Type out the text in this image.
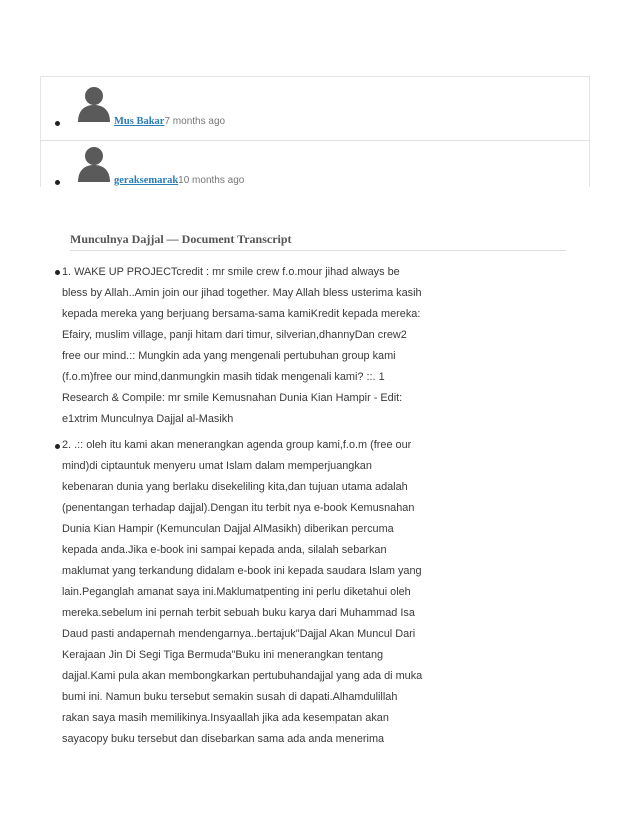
Mus Bakar7 months ago
geraksemarak10 months ago
Munculnya Dajjal — Document Transcript
1. WAKE UP PROJECTcredit : mr smile crew f.o.mour jihad always be
bless by Allah..Amin join our jihad together. May Allah bless usterima kasih
kepada mereka yang berjuang bersama-sama kamiKredit kepada mereka:
Efairy, muslim village, panji hitam dari timur, silverian,dhannyDan crew2
free our mind.:: Mungkin ada yang mengenali pertubuhan group kami
(f.o.m)free our mind,danmungkin masih tidak mengenali kami? ::. 1
Research & Compile: mr smile Kemusnahan Dunia Kian Hampir - Edit:
e1xtrim Munculnya Dajjal al-Masikh
2. .:: oleh itu kami akan menerangkan agenda group kami,f.o.m (free our
mind)di ciptauntuk menyeru umat Islam dalam memperjuangkan
kebenaran dunia yang berlaku disekeliling kita,dan tujuan utama adalah
(penentangan terhadap dajjal).Dengan itu terbit nya e-book Kemusnahan
Dunia Kian Hampir (Kemunculan Dajjal AlMasikh) diberikan percuma
kepada anda.Jika e-book ini sampai kepada anda, silalah sebarkan
maklumat yang terkandung didalam e-book ini kepada saudara Islam yang
lain.Peganglah amanat saya ini.Maklumatpenting ini perlu diketahui oleh
mereka.sebelum ini pernah terbit sebuah buku karya dari Muhammad Isa
Daud pasti andapernah mendengarnya..bertajuk"Dajjal Akan Muncul Dari
Kerajaan Jin Di Segi Tiga Bermuda"Buku ini menerangkan tentang
dajjal.Kami pula akan membongkarkan pertubuhandajjal yang ada di muka
bumi ini. Namun buku tersebut semakin susah di dapati.Alhamdulillah
rakan saya masih memilikinya.Insyaallah jika ada kesempatan akan
sayacopy buku tersebut dan disebarkan sama ada anda menerima
